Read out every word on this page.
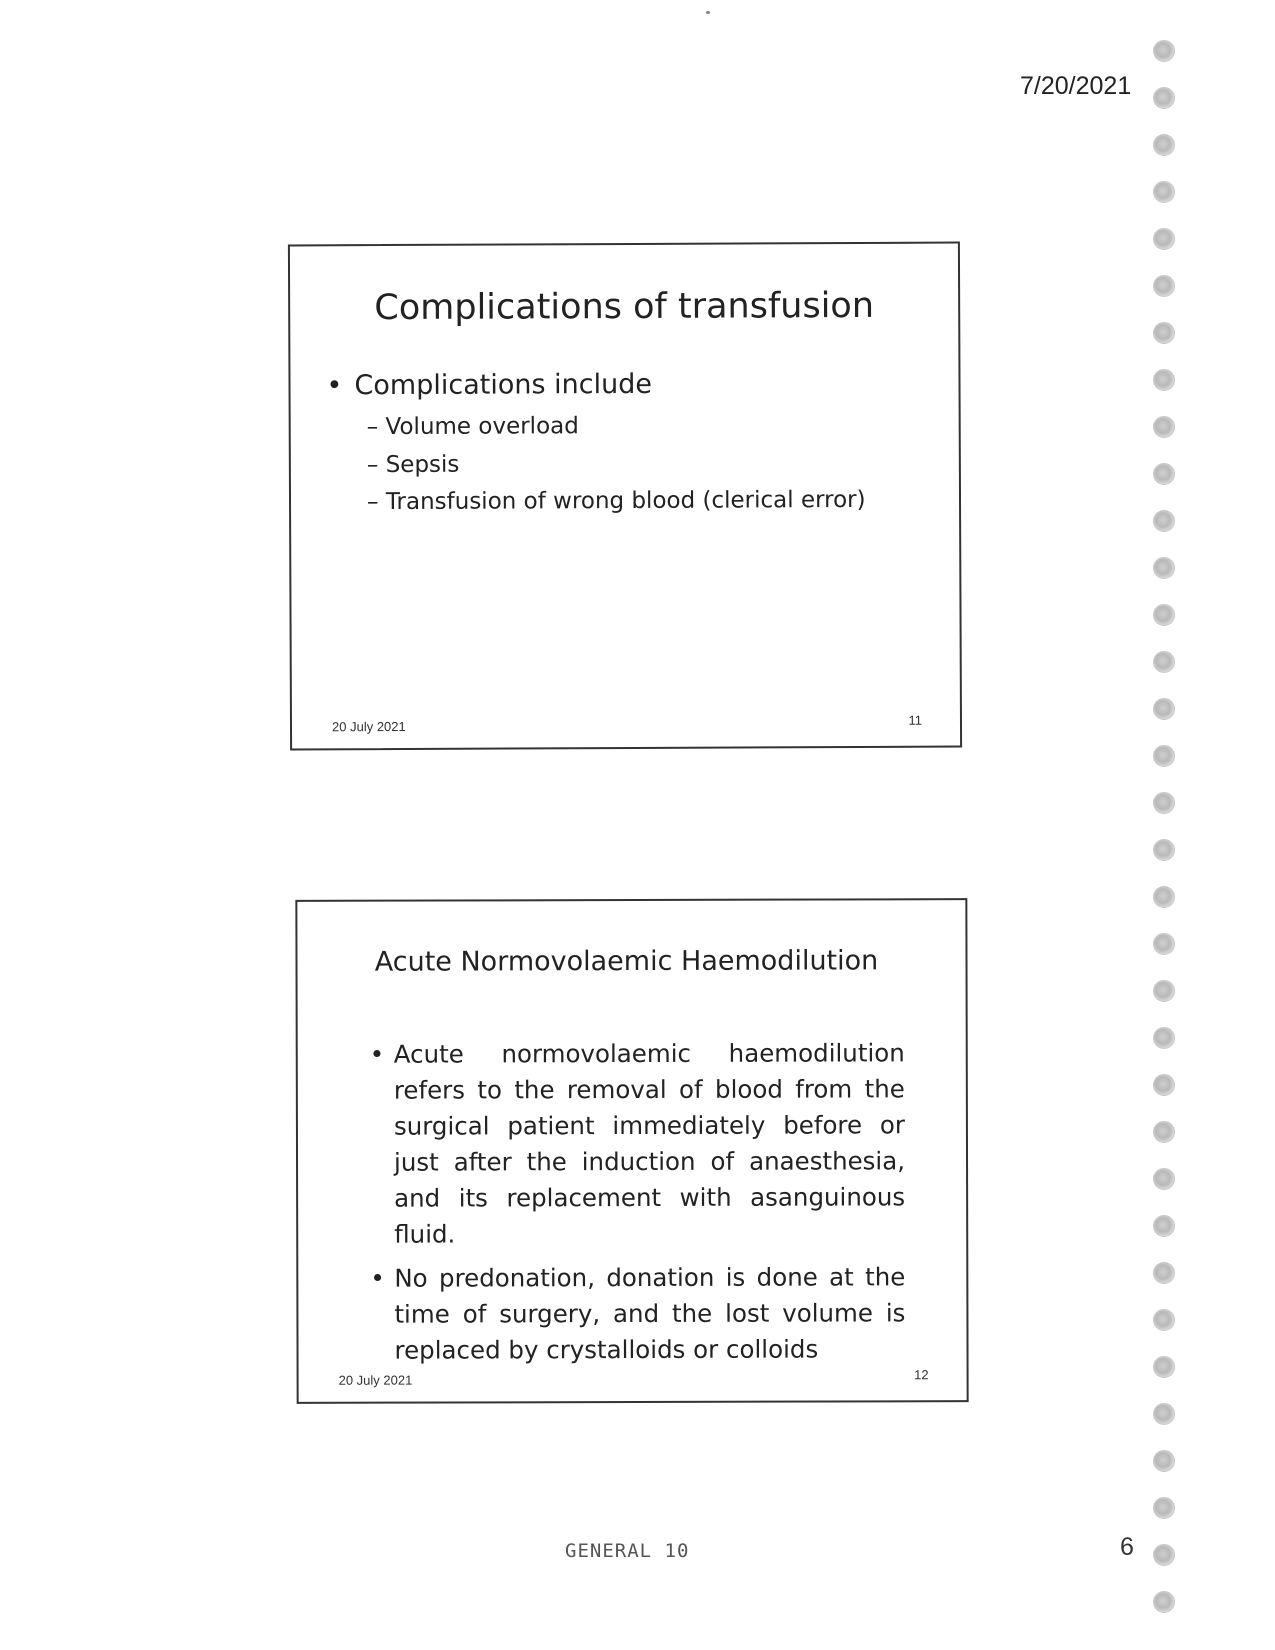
7/20/2021
Complications of transfusion
• Complications include
– Volume overload
– Sepsis
– Transfusion of wrong blood (clerical error)
20 July 2021	11
Acute Normovolaemic Haemodilution
• Acute normovolaemic haemodilution refers to the removal of blood from the surgical patient immediately before or just after the induction of anaesthesia, and its replacement with asanguinous fluid.
• No predonation, donation is done at the time of surgery, and the lost volume is replaced by crystalloids or colloids
20 July 2021	12
GENERAL 10	6
